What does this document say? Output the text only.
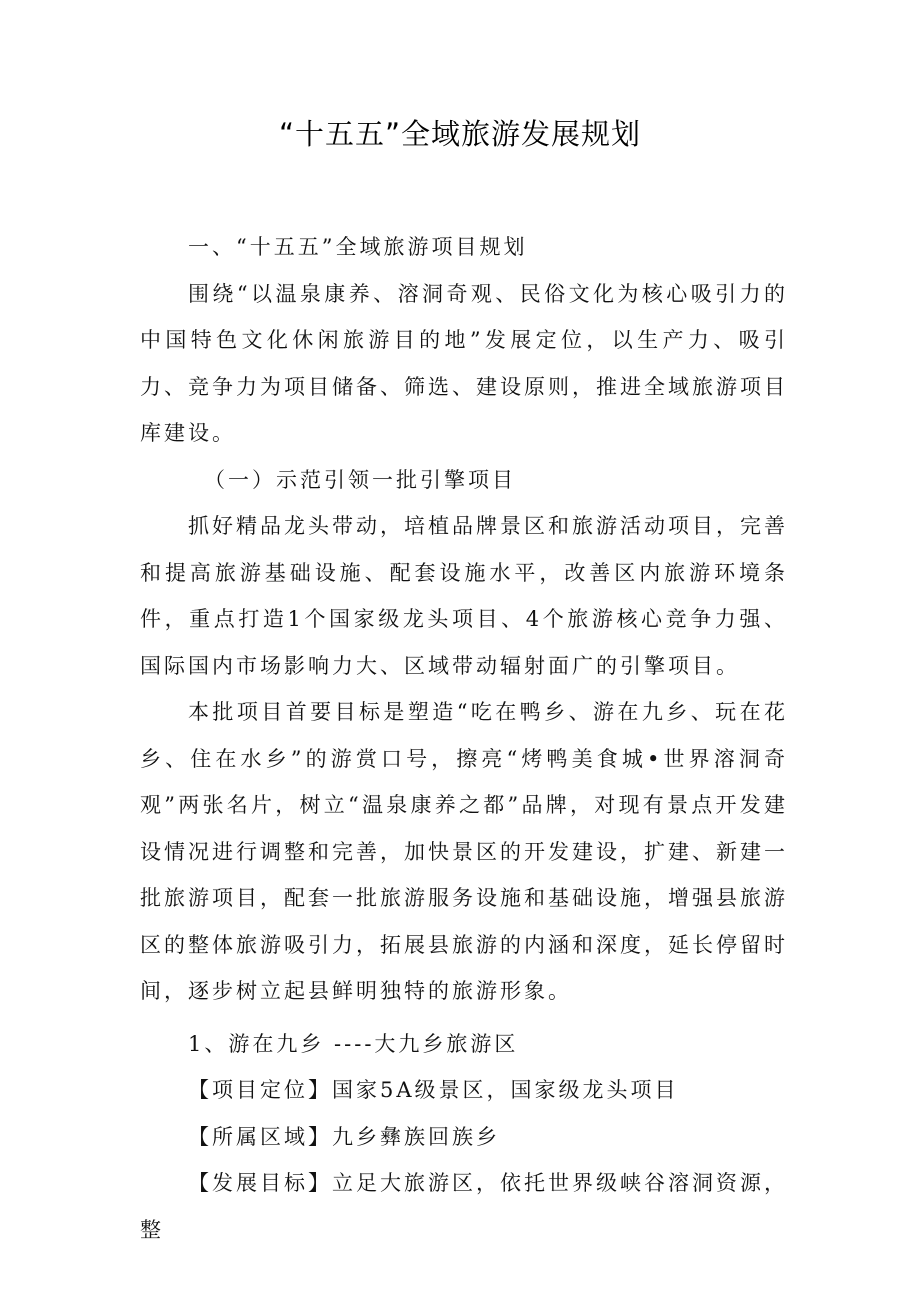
“十五五”全域旅游发展规划

一、“十五五”全域旅游项目规划

围绕“以温泉康养、溶洞奇观、民俗文化为核心吸引力的中国特色文化休闲旅游目的地”发展定位，以生产力、吸引力、竞争力为项目储备、筛选、建设原则，推进全域旅游项目库建设。

（一）示范引领一批引擎项目

抓好精品龙头带动，培植品牌景区和旅游活动项目，完善和提高旅游基础设施、配套设施水平，改善区内旅游环境条件，重点打造1个国家级龙头项目、4个旅游核心竞争力强、国际国内市场影响力大、区域带动辐射面广的引擎项目。

本批项目首要目标是塑造“吃在鸭乡、游在九乡、玩在花乡、住在水乡”的游赏口号，擦亮“烤鸭美食城•世界溶洞奇观”两张名片，树立“温泉康养之都”品牌，对现有景点开发建设情况进行调整和完善，加快景区的开发建设，扩建、新建一批旅游项目，配套一批旅游服务设施和基础设施，增强县旅游区的整体旅游吸引力，拓展县旅游的内涵和深度，延长停留时间，逐步树立起县鲜明独特的旅游形象。

1、游在九乡 ----大九乡旅游区

【项目定位】国家5A级景区，国家级龙头项目

【所属区域】九乡彝族回族乡

【发展目标】立足大旅游区，依托世界级峡谷溶洞资源，整
